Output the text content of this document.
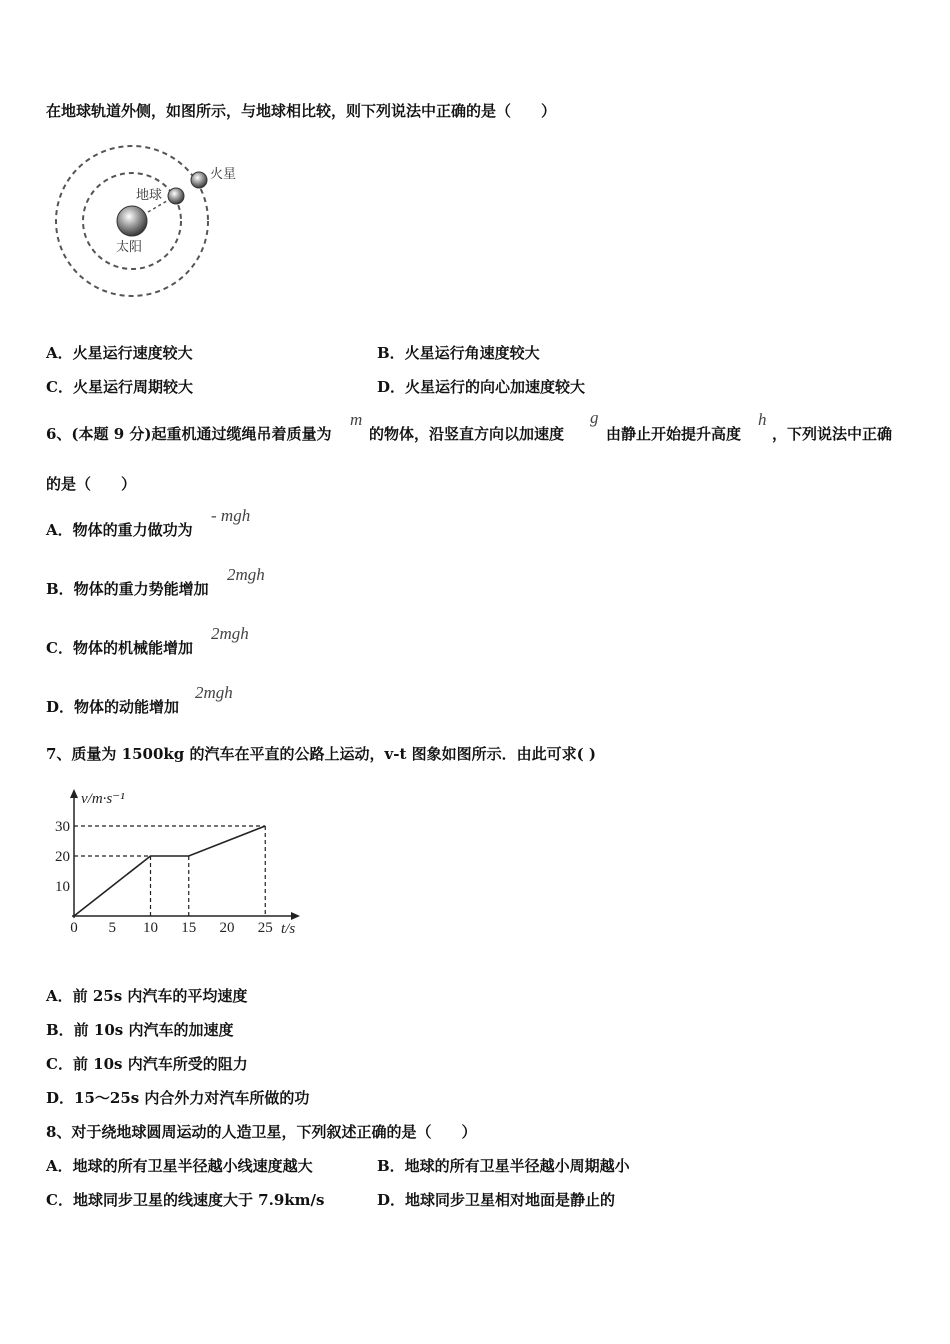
在地球轨道外侧，如图所示，与地球相比较，则下列说法中正确的是（　　）
火星
地球
太阳
A．火星运行速度较大	B．火星运行角速度较大
C．火星运行周期较大	D．火星运行的向心加速度较大
6、(本题 9 分)起重机通过缆绳吊着质量为
m
的物体，沿竖直方向以加速度
g
由静止开始提升高度
h
，下列说法中正确
的是（　　）
A．物体的重力做功为
- mgh
B．物体的重力势能增加
2mgh
C．物体的机械能增加
2mgh
D．物体的动能增加
2mgh
7、质量为 1500kg 的汽车在平直的公路上运动，v-t 图象如图所示．由此可求( )
v/m·s⁻¹
t/s
0 5 10 15 20 25
10
20
30
A．前 25s 内汽车的平均速度
B．前 10s 内汽车的加速度
C．前 10s 内汽车所受的阻力
D．15～25s 内合外力对汽车所做的功
8、对于绕地球圆周运动的人造卫星，下列叙述正确的是（　　）
A．地球的所有卫星半径越小线速度越大	B．地球的所有卫星半径越小周期越小
C．地球同步卫星的线速度大于 7.9km/s	D．地球同步卫星相对地面是静止的
